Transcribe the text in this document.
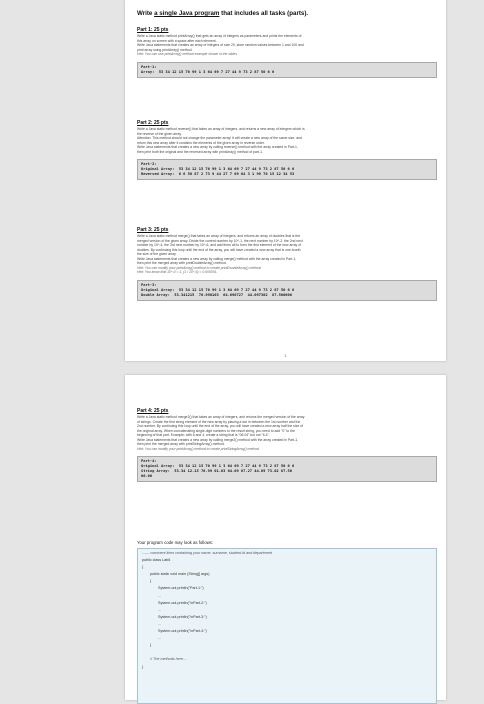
Write a single Java program that includes all tasks (parts).
Part 1: 25 pts
Write a Java static method printArray() that gets an array of integers as parameters and prints the elements of
this array on screen with a space after each element.
Write Java statements that creates an array of integers of size 20, store random values between 1 and 100 and
print array using printArray() method.
Hint: You can use printArray() method example shown in the slides
Part-1:
Array:  53 34 12 15 76 99 1 3 64 69 7 27 44 9 73 2 87 50 6 6
Part 2: 25 pts
Write a Java static method reverse() that takes an array of integers, and returns a new array of integers which is
the reverse of the given array.
Attention: This method should not change the parameter array! It will create a new array of the same size, and
return this new array after it contains the elements of the given array in reverse order.
Write Java statements that creates a new array by calling reverse() method with the array created in Part-1,
then print both the original and the reversed array with printArray() method of part-1.
Part-2:
Original Array:  53 34 12 15 76 99 1 3 64 69 7 27 44 9 73 2 87 50 6 6
Reversed Array:  6 6 50 87 2 73 9 44 27 7 69 64 3 1 99 76 15 12 34 53
Part 3: 25 pts
Write a Java static method merge() that takes an array of integers, and returns an array of doubles that is the
merged version of the given array. Divide the current number by 10^-1, the next number by 10^-2, the 2nd next
number by 10^-4, the 3rd next number by 10^-6, and add them all to form the first element of the new array of
doubles. By continuing this loop until the end of the array, you will have created a new array that is one-fourth
the size of the given array.
Write Java statements that creates a new array by calling merge() method with the array created in Part-1,
then print the merged array with printDoubleArray() method.
Hint: You can modify your printArray() method to create printDoubleArray() method
Hint: You know that 10^-0 = 1, (1 / 10^-6) = 0.000001.
Part-3:
Original Array:  53 34 12 15 76 99 1 3 64 69 7 27 44 9 73 2 87 50 6 6
Double Array:  53.341215  76.990103  64.690727  44.097302  87.500606
1
Part 4: 25 pts
Write a Java static method merge2() that takes an array of integers, and returns the merged version of the array
of strings. Create the first string element of the new array by placing a dot in between the 1st number and the
2nd number. By continuing this loop until the end of the array, you will have created a new array half the size of
the original array. When concatenating single-digit numbers to the result string, you need to add "0" to the
beginning of that part. Example: with 6 and 4, create a string that is "06.04" but not "6.4".
Write Java statements that creates a new array by calling merge2() method with the array created in Part-1,
then print the merged array with printStringArray() method.
Hint: You can modify your printArray() method to create printStringArray() method
Part-4:
Original Array:  53 34 12 15 76 99 1 3 64 69 7 27 44 9 73 2 87 50 6 6
String Array:  53.34 12.15 76.99 01.03 64.69 07.27 44.09 73.02 87.50
06.06
Your program code may look as follows:
------ comment lines containing your name, surname, student-id and department
public class Lab6
{
public static void main (String[] args)
{
System.out.println("Part-1:")
...
System.out.println("\nPart-2:")
...
System.out.println("\nPart-3:")
...
System.out.println("\nPart-4:")
...
}

// The methods here....
}
